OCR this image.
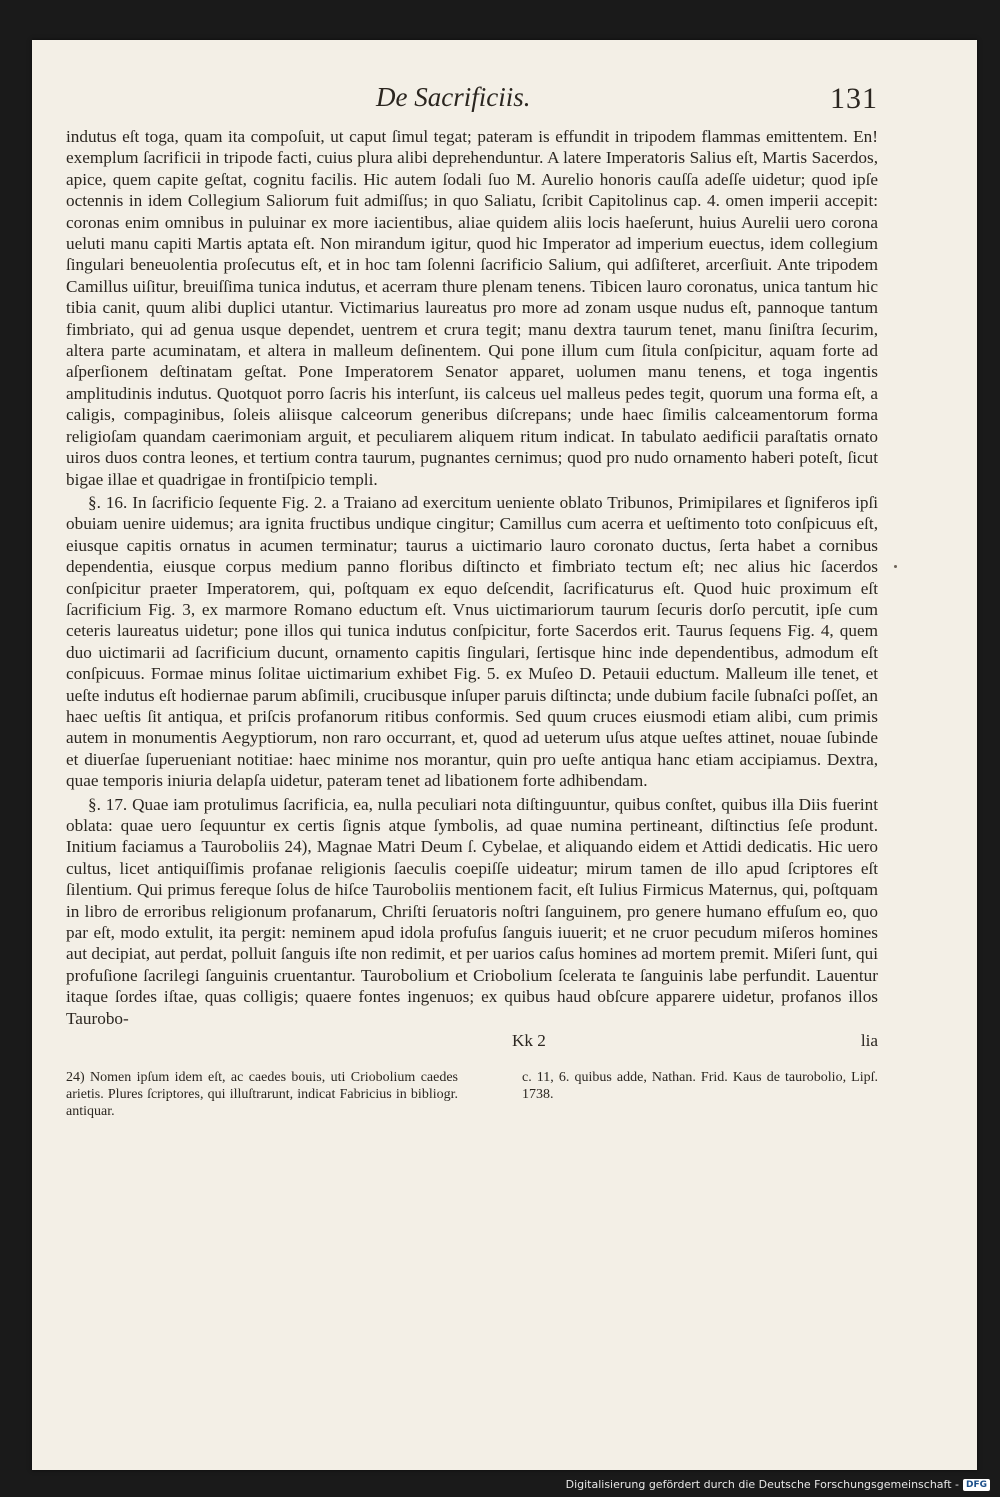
De Sacrificiis.	131

indutus eſt toga, quam ita compoſuit, ut caput ſimul tegat; pateram is effundit in tripodem flammas emittentem. En! exemplum ſacrificii in tripode facti, cuius plura alibi deprehenduntur. A latere Imperatoris Salius eſt, Martis Sacerdos, apice, quem capite geſtat, cognitu facilis. Hic autem ſodali ſuo M. Aurelio honoris cauſſa adeſſe uidetur; quod ipſe octennis in idem Collegium Saliorum fuit admiſſus; in quo Saliatu, ſcribit Capitolinus cap. 4. omen imperii accepit: coronas enim omnibus in puluinar ex more iacientibus, aliae quidem aliis locis haeſerunt, huius Aurelii uero corona ueluti manu capiti Martis aptata eſt. Non mirandum igitur, quod hic Imperator ad imperium euectus, idem collegium ſingulari beneuolentia proſecutus eſt, et in hoc tam ſolenni ſacrificio Salium, qui adſiſteret, arcerſiuit. Ante tripodem Camillus uiſitur, breuiſſima tunica indutus, et acerram thure plenam tenens. Tibicen lauro coronatus, unica tantum hic tibia canit, quum alibi duplici utantur. Victimarius laureatus pro more ad zonam usque nudus eſt, pannoque tantum fimbriato, qui ad genua usque dependet, uentrem et crura tegit; manu dextra taurum tenet, manu ſiniſtra ſecurim, altera parte acuminatam, et altera in malleum deſinentem. Qui pone illum cum ſitula conſpicitur, aquam forte ad aſperſionem deſtinatam geſtat. Pone Imperatorem Senator apparet, uolumen manu tenens, et toga ingentis amplitudinis indutus. Quotquot porro ſacris his interſunt, iis calceus uel malleus pedes tegit, quorum una forma eſt, a caligis, compaginibus, ſoleis aliisque calceorum generibus diſcrepans; unde haec ſimilis calceamentorum forma religioſam quandam caerimoniam arguit, et peculiarem aliquem ritum indicat. In tabulato aedificii paraſtatis ornato uiros duos contra leones, et tertium contra taurum, pugnantes cernimus; quod pro nudo ornamento haberi poteſt, ſicut bigae illae et quadrigae in frontiſpicio templi.

§. 16. In ſacrificio ſequente Fig. 2. a Traiano ad exercitum ueniente oblato Tribunos, Primipilares et ſigniferos ipſi obuiam uenire uidemus; ara ignita fructibus undique cingitur; Camillus cum acerra et ueſtimento toto conſpicuus eſt, eiusque capitis ornatus in acumen terminatur; taurus a uictimario lauro coronato ductus, ſerta habet a cornibus dependentia, eiusque corpus medium panno floribus diſtincto et fimbriato tectum eſt; nec alius hic ſacerdos conſpicitur praeter Imperatorem, qui, poſtquam ex equo deſcendit, ſacrificaturus eſt. Quod huic proximum eſt ſacrificium Fig. 3, ex marmore Romano eductum eſt. Vnus uictimariorum taurum ſecuris dorſo percutit, ipſe cum ceteris laureatus uidetur; pone illos qui tunica indutus conſpicitur, forte Sacerdos erit. Taurus ſequens Fig. 4, quem duo uictimarii ad ſacrificium ducunt, ornamento capitis ſingulari, ſertisque hinc inde dependentibus, admodum eſt conſpicuus. Formae minus ſolitae uictimarium exhibet Fig. 5. ex Muſeo D. Petauii eductum. Malleum ille tenet, et ueſte indutus eſt hodiernae parum abſimili, crucibusque inſuper paruis diſtincta; unde dubium facile ſubnaſci poſſet, an haec ueſtis ſit antiqua, et priſcis profanorum ritibus conformis. Sed quum cruces eiusmodi etiam alibi, cum primis autem in monumentis Aegyptiorum, non raro occurrant, et, quod ad ueterum uſus atque ueſtes attinet, nouae ſubinde et diuerſae ſuperueniant notitiae: haec minime nos morantur, quin pro ueſte antiqua hanc etiam accipiamus. Dextra, quae temporis iniuria delapſa uidetur, pateram tenet ad libationem forte adhibendam.

§. 17. Quae iam protulimus ſacrificia, ea, nulla peculiari nota diſtinguuntur, quibus conſtet, quibus illa Diis fuerint oblata: quae uero ſequuntur ex certis ſignis atque ſymbolis, ad quae numina pertineant, diſtinctius ſeſe produnt. Initium faciamus a Tauroboliis 24), Magnae Matri Deum ſ. Cybelae, et aliquando eidem et Attidi dedicatis. Hic uero cultus, licet antiquiſſimis profanae religionis ſaeculis coepiſſe uideatur; mirum tamen de illo apud ſcriptores eſt ſilentium. Qui primus fereque ſolus de hiſce Tauroboliis mentionem facit, eſt Iulius Firmicus Maternus, qui, poſtquam in libro de erroribus religionum profanarum, Chriſti ſeruatoris noſtri ſanguinem, pro genere humano effuſum eo, quo par eſt, modo extulit, ita pergit: neminem apud idola profuſus ſanguis iuuerit; et ne cruor pecudum miſeros homines aut decipiat, aut perdat, polluit ſanguis iſte non redimit, et per uarios caſus homines ad mortem premit. Miſeri ſunt, qui profuſione ſacrilegi ſanguinis cruentantur. Taurobolium et Criobolium ſcelerata te ſanguinis labe perfundit. Lauentur itaque ſordes iſtae, quas colligis; quaere fontes ingenuos; ex quibus haud obſcure apparere uidetur, profanos illos Taurobo-

Kk 2	lia
24) Nomen ipſum idem eſt, ac caedes bouis, uti Criobolium caedes arietis. Plures ſcriptores, qui illuſtrarunt, indicat Fabricius in bibliogr. antiquar.
c. 11, 6. quibus adde, Nathan. Frid. Kaus de taurobolio, Lipſ. 1738.
Digitalisierung gefördert durch die Deutsche Forschungsgemeinschaft - DFG
